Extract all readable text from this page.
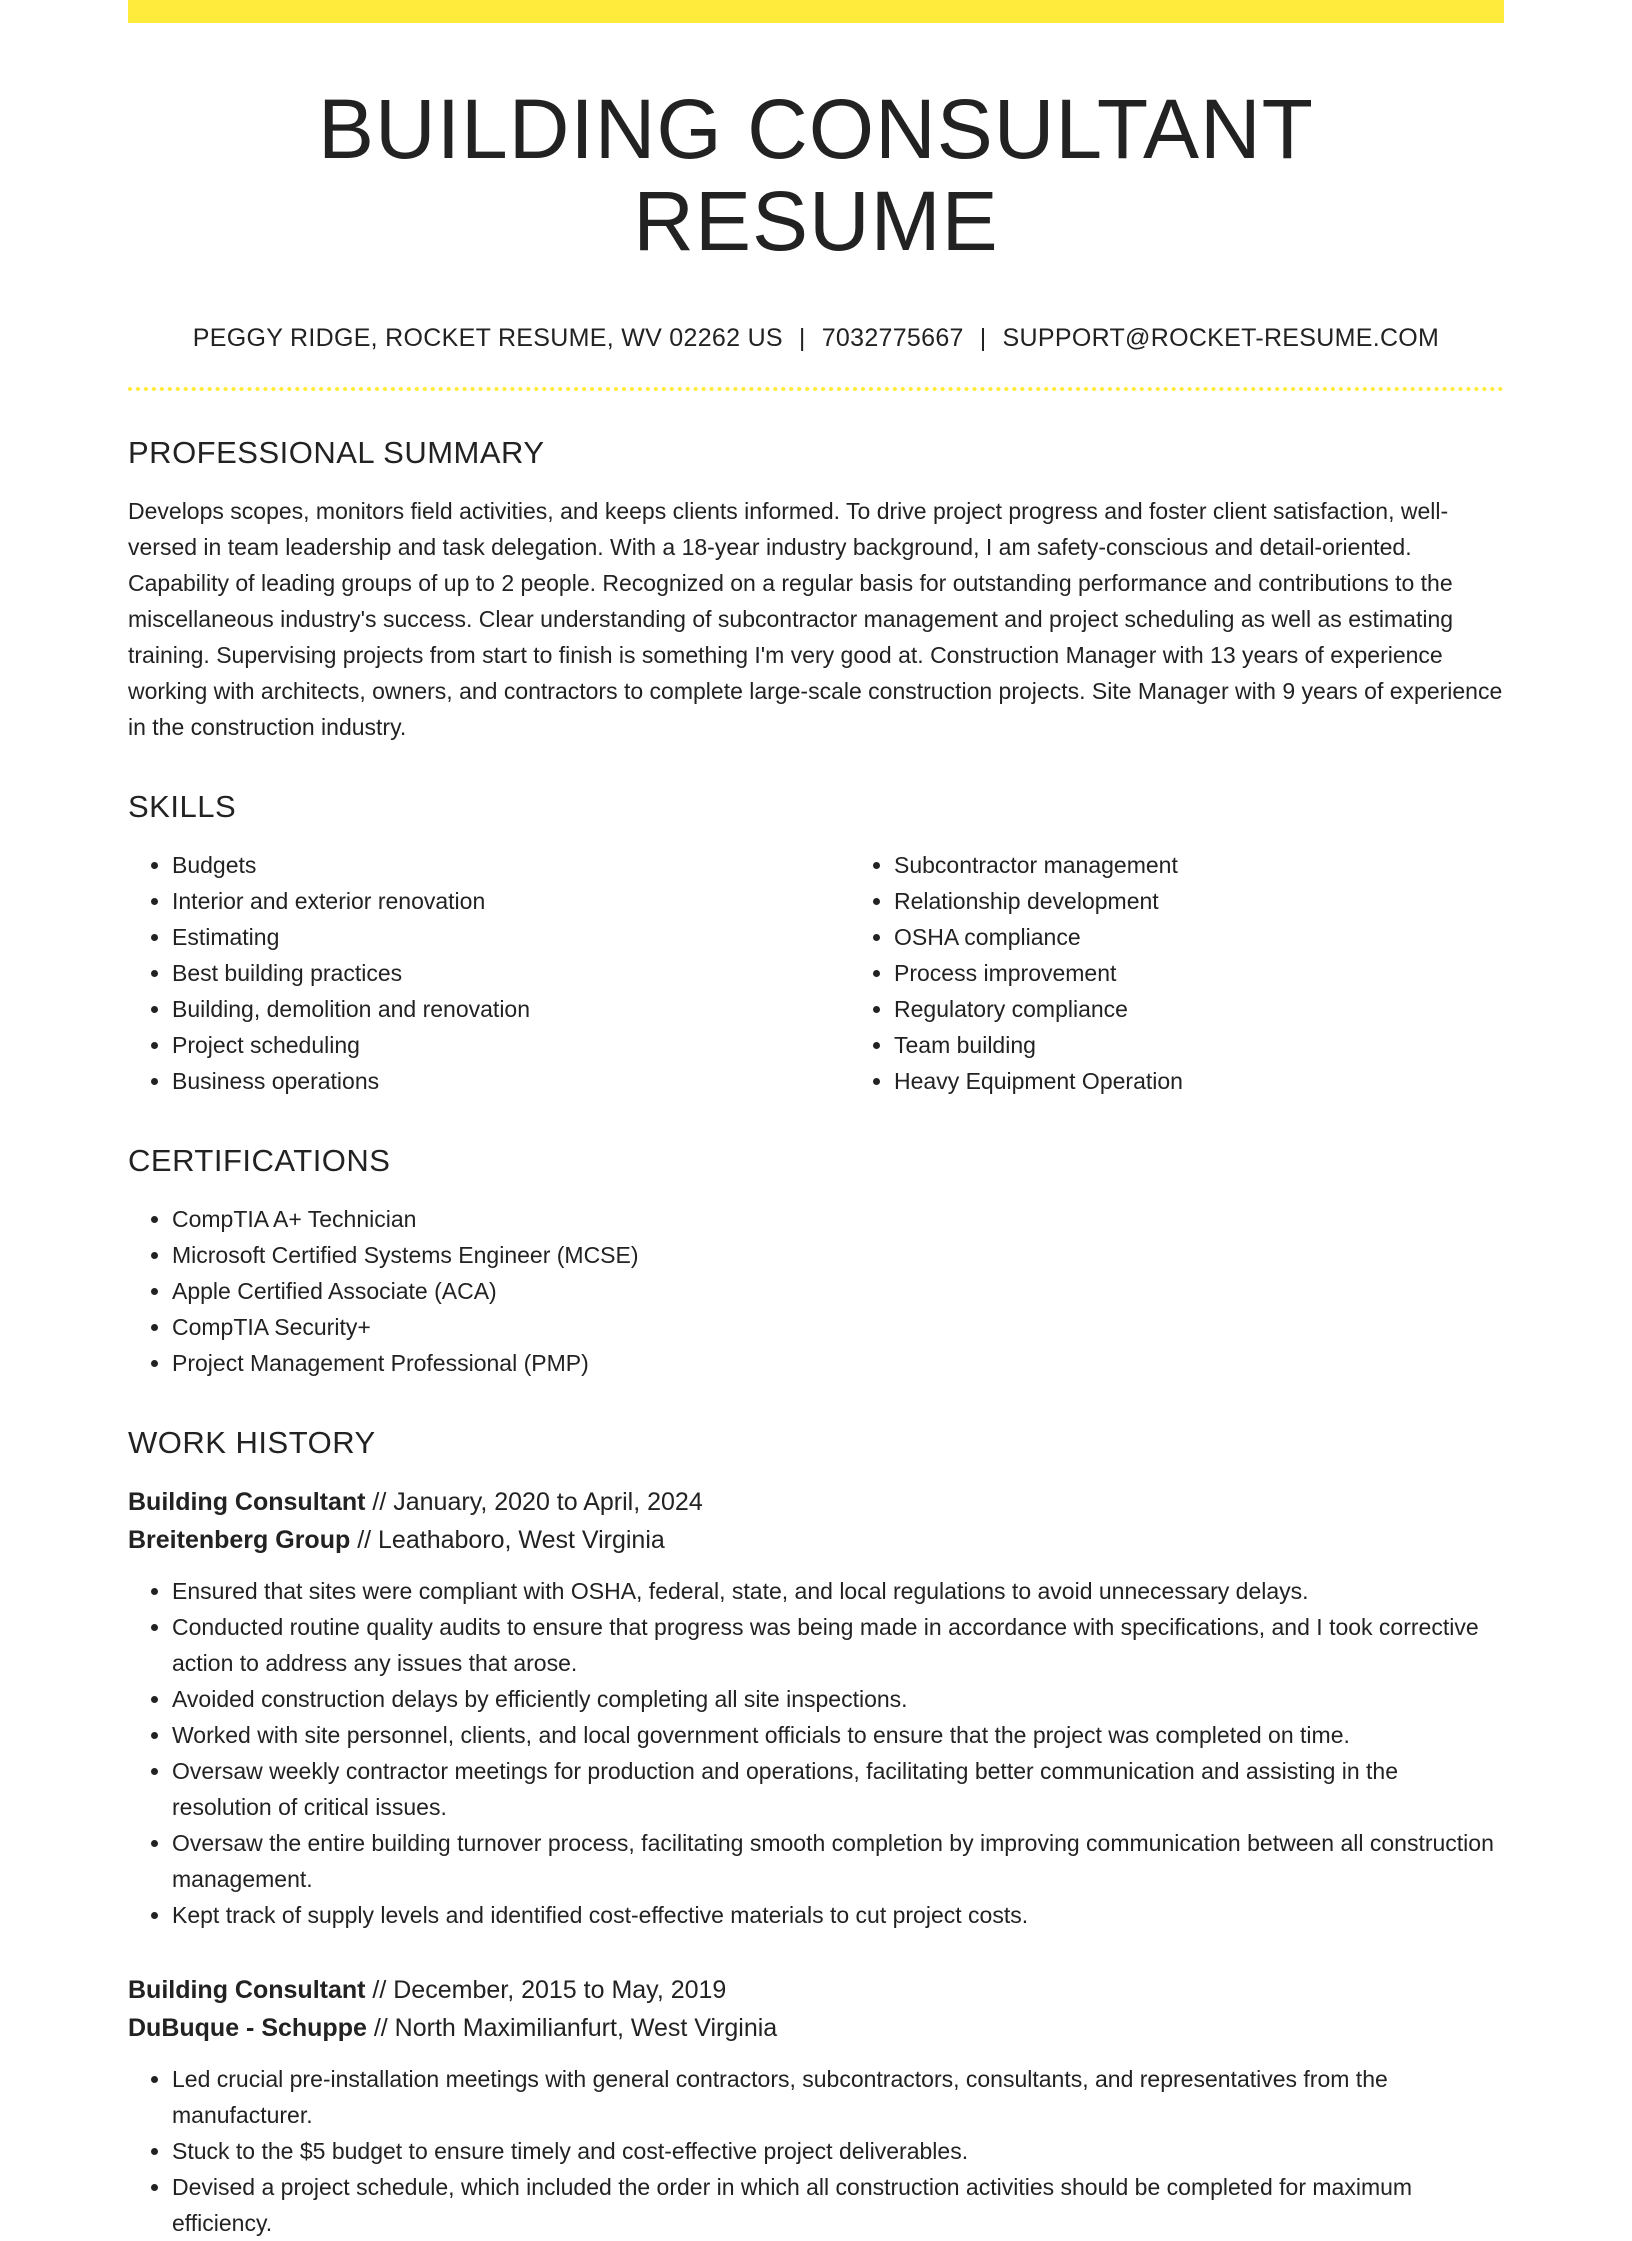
BUILDING CONSULTANT RESUME
PEGGY RIDGE, ROCKET RESUME, WV 02262 US | 7032775667 | SUPPORT@ROCKET-RESUME.COM
PROFESSIONAL SUMMARY

Develops scopes, monitors field activities, and keeps clients informed. To drive project progress and foster client satisfaction, well-versed in team leadership and task delegation. With a 18-year industry background, I am safety-conscious and detail-oriented. Capability of leading groups of up to 2 people. Recognized on a regular basis for outstanding performance and contributions to the miscellaneous industry's success. Clear understanding of subcontractor management and project scheduling as well as estimating training. Supervising projects from start to finish is something I'm very good at. Construction Manager with 13 years of experience working with architects, owners, and contractors to complete large-scale construction projects. Site Manager with 9 years of experience in the construction industry.

SKILLS
• Budgets
• Interior and exterior renovation
• Estimating
• Best building practices
• Building, demolition and renovation
• Project scheduling
• Business operations
• Subcontractor management
• Relationship development
• OSHA compliance
• Process improvement
• Regulatory compliance
• Team building
• Heavy Equipment Operation
CERTIFICATIONS
• CompTIA A+ Technician
• Microsoft Certified Systems Engineer (MCSE)
• Apple Certified Associate (ACA)
• CompTIA Security+
• Project Management Professional (PMP)
WORK HISTORY
Building Consultant // January, 2020 to April, 2024
Breitenberg Group // Leathaboro, West Virginia
• Ensured that sites were compliant with OSHA, federal, state, and local regulations to avoid unnecessary delays.
• Conducted routine quality audits to ensure that progress was being made in accordance with specifications, and I took corrective action to address any issues that arose.
• Avoided construction delays by efficiently completing all site inspections.
• Worked with site personnel, clients, and local government officials to ensure that the project was completed on time.
• Oversaw weekly contractor meetings for production and operations, facilitating better communication and assisting in the resolution of critical issues.
• Oversaw the entire building turnover process, facilitating smooth completion by improving communication between all construction management.
• Kept track of supply levels and identified cost-effective materials to cut project costs.
Building Consultant // December, 2015 to May, 2019
DuBuque - Schuppe // North Maximilianfurt, West Virginia
• Led crucial pre-installation meetings with general contractors, subcontractors, consultants, and representatives from the manufacturer.
• Stuck to the $5 budget to ensure timely and cost-effective project deliverables.
• Devised a project schedule, which included the order in which all construction activities should be completed for maximum efficiency.
